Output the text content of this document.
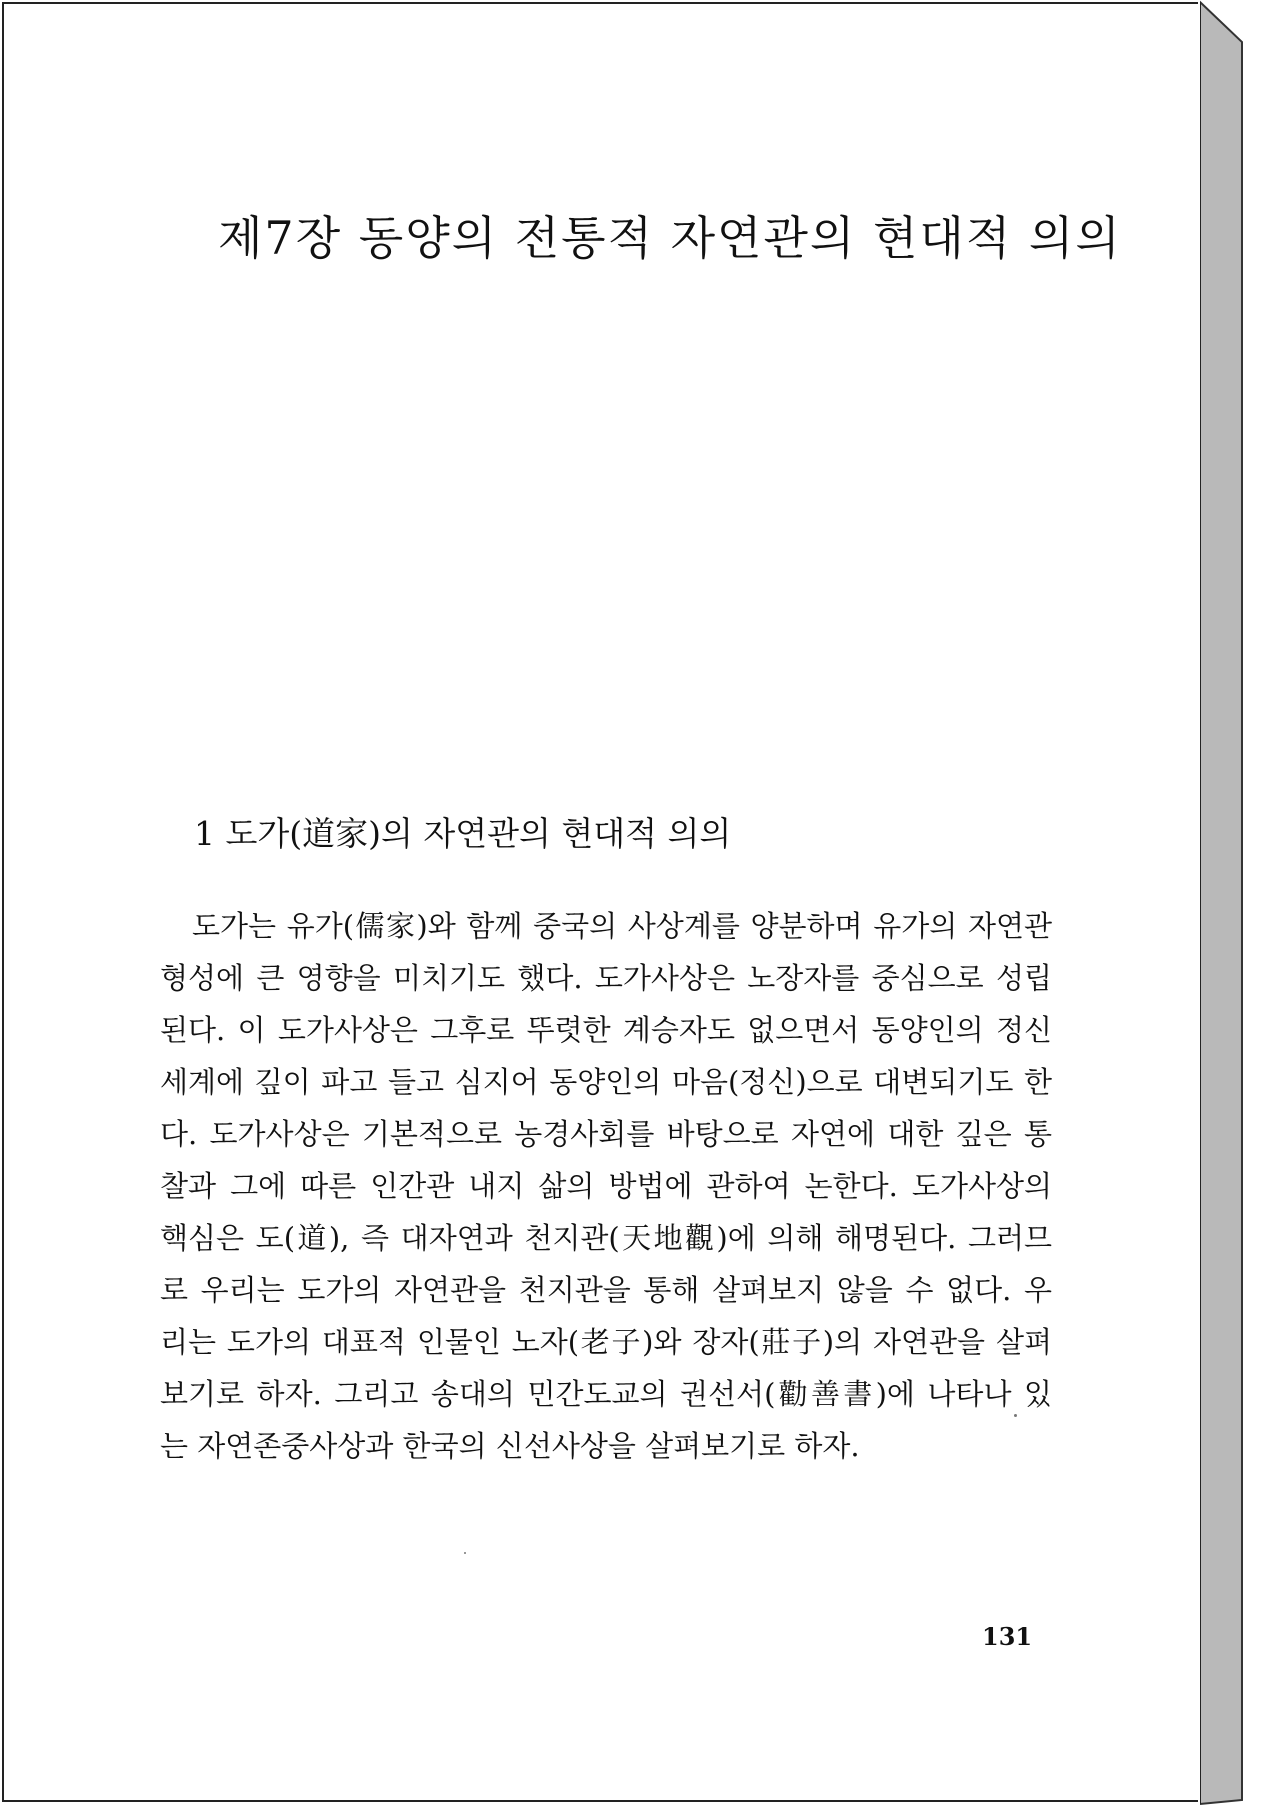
제7장 동양의 전통적 자연관의 현대적 의의
1 도가(道家)의 자연관의 현대적 의의
도가는 유가(儒家)와 함께 중국의 사상계를 양분하며 유가의 자연관
형성에 큰 영향을 미치기도 했다. 도가사상은 노장자를 중심으로 성립
된다. 이 도가사상은 그후로 뚜렷한 계승자도 없으면서 동양인의 정신
세계에 깊이 파고 들고 심지어 동양인의 마음(정신)으로 대변되기도 한
다. 도가사상은 기본적으로 농경사회를 바탕으로 자연에 대한 깊은 통
찰과 그에 따른 인간관 내지 삶의 방법에 관하여 논한다. 도가사상의
핵심은 도(道), 즉 대자연과 천지관(天地觀)에 의해 해명된다. 그러므
로 우리는 도가의 자연관을 천지관을 통해 살펴보지 않을 수 없다. 우
리는 도가의 대표적 인물인 노자(老子)와 장자(莊子)의 자연관을 살펴
보기로 하자. 그리고 송대의 민간도교의 권선서(勸善書)에 나타나 있
는 자연존중사상과 한국의 신선사상을 살펴보기로 하자.
131
